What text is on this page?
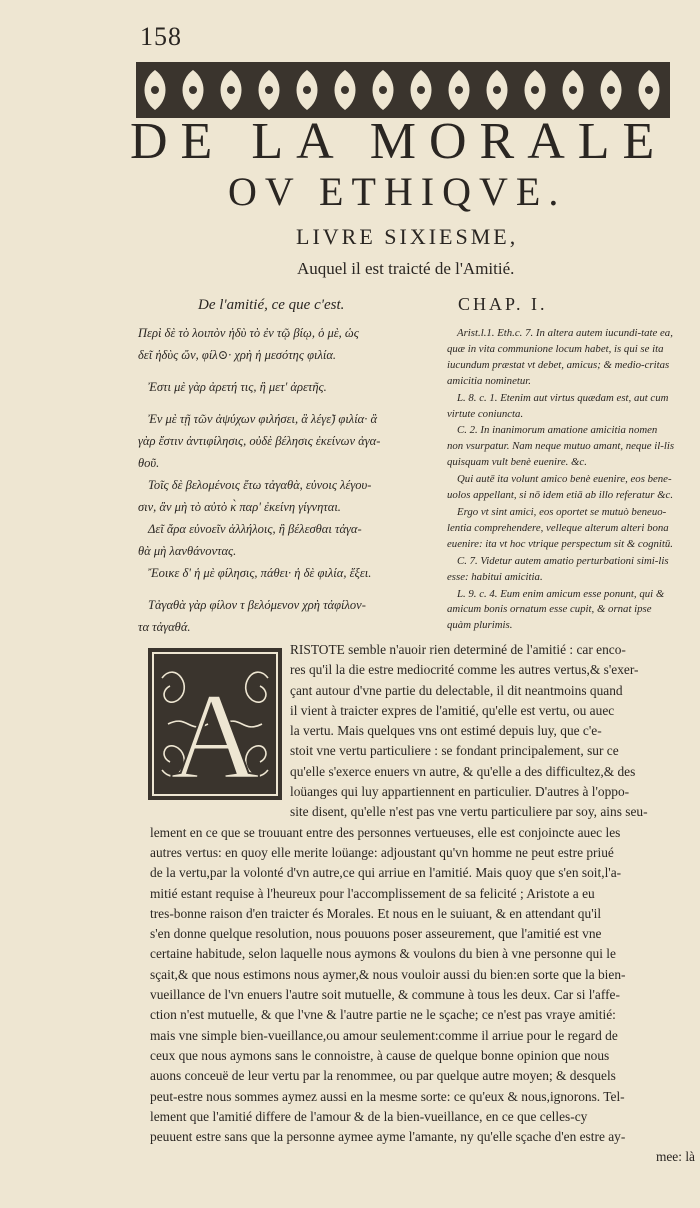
158
DE LA MORALE
OV ETHIQVE.
LIVRE SIXIESME,
Auquel il est traicté de l'Amitié.
De l'amitié, ce que c'est.	CHAP. I.

Περὶ δὲ τὸ λοιπὸν ἡδὺ τὸ ἐν τῷ βίῳ, ὁ μὲ, ὡς
δεῖ ἡδὺς ὤν, φίλ⊙· χρὴ ἡ μεσότης φιλία.

Ἐστι μὲ γὰρ ἀρετή τις, ἢ μετ' ἀρετῆς.

Ἐν μὲ τῇ τῶν ἀψύχων φιλήσει, ἃ λέγε̃) φιλία· ἃ
γὰρ ἔστιν ἀντιφίλησις, οὐδὲ βέλησις ἐκείνων ἀγα-
θοῦ.

Τοῖς δὲ βελομένοις ἔτω τἀγαθὰ, εὐνοις λέγου-
σιν, ἂν μὴ τὸ αὐτὸ κ̀ παρ' ἐκείνη γίγνηται.

Δεῖ ἄρα εὐνοεῖν ἀλλήλοις, ἢ βέλεσθαι τἀγα-
θὰ μὴ λανθάνοντας.

Ἔοικε δ' ἡ μὲ φίλησις, πάθει· ἡ δὲ φιλία, ἕξει.

Τἀγαθὰ γὰρ φίλον τ βελόμενον χρὴ τἀφίλον-
τα τἀγαθά.

Arist.l.1. Eth.c. 7. In altera autem iucundi-tate ea, quæ in vita communione locum habet, is qui se ita iucundum præstat vt debet, amicus; & medio-critas amicitia nominetur.

L. 8. c. 1. Etenim aut virtus quædam est, aut cum virtute coniuncta.

C. 2. In inanimorum amatione amicitia nomen non vsurpatur. Nam neque mutuo amant, neque il-lis quisquam vult benè euenire. &c.

Qui autē ita volunt amico benè euenire, eos bene-uolos appellant, si nō idem etiā ab illo referatur &c.

Ergo vt sint amici, eos oportet se mutuò beneuo-lentia comprehendere, velleque alterum alteri bona euenire: ita vt hoc vtrique perspectum sit & cognitū.

C. 7. Videtur autem amatio perturbationi simi-lis esse: habitui amicitia.

L. 9. c. 4. Eum enim amicum esse ponunt, qui & amicum bonis ornatum esse cupit, & ornat ipse quàm plurimis.

A
RISTOTE semble n'auoir rien determiné de l'amitié : car enco-
res qu'il la die estre mediocrité comme les autres vertus,& s'exer-
çant autour d'vne partie du delectable, il dit neantmoins quand
il vient à traicter expres de l'amitié, qu'elle est vertu, ou auec
la vertu. Mais quelques vns ont estimé depuis luy, que c'e-
stoit vne vertu particuliere : se fondant principalement, sur ce
qu'elle s'exerce enuers vn autre, & qu'elle a des difficultez,& des
loüanges qui luy appartiennent en particulier. D'autres à l'oppo-
site disent, qu'elle n'est pas vne vertu particuliere par soy, ains seu-
lement en ce que se trouuant entre des personnes vertueuses, elle est conjoincte auec les
autres vertus: en quoy elle merite loüange: adjoustant qu'vn homme ne peut estre priué
de la vertu,par la volonté d'vn autre,ce qui arriue en l'amitié. Mais quoy que s'en soit,l'a-
mitié estant requise à l'heureux pour l'accomplissement de sa felicité ; Aristote a eu
tres-bonne raison d'en traicter és Morales. Et nous en le suiuant, & en attendant qu'il
s'en donne quelque resolution, nous pouuons poser asseurement, que l'amitié est vne
certaine habitude, selon laquelle nous aymons & voulons du bien à vne personne qui le
sçait,& que nous estimons nous aymer,& nous vouloir aussi du bien:en sorte que la bien-
vueillance de l'vn enuers l'autre soit mutuelle, & commune à tous les deux. Car si l'affe-
ction n'est mutuelle, & que l'vne & l'autre partie ne le sçache; ce n'est pas vraye amitié:
mais vne simple bien-vueillance,ou amour seulement:comme il arriue pour le regard de
ceux que nous aymons sans le connoistre, à cause de quelque bonne opinion que nous
auons conceuë de leur vertu par la renommee, ou par quelque autre moyen; & desquels
peut-estre nous sommes aymez aussi en la mesme sorte: ce qu'eux & nous,ignorons. Tel-
lement que l'amitié differe de l'amour & de la bien-vueillance, en ce que celles-cy
peuuent estre sans que la personne aymee ayme l'amante, ny qu'elle sçache d'en estre ay-
mee: là
